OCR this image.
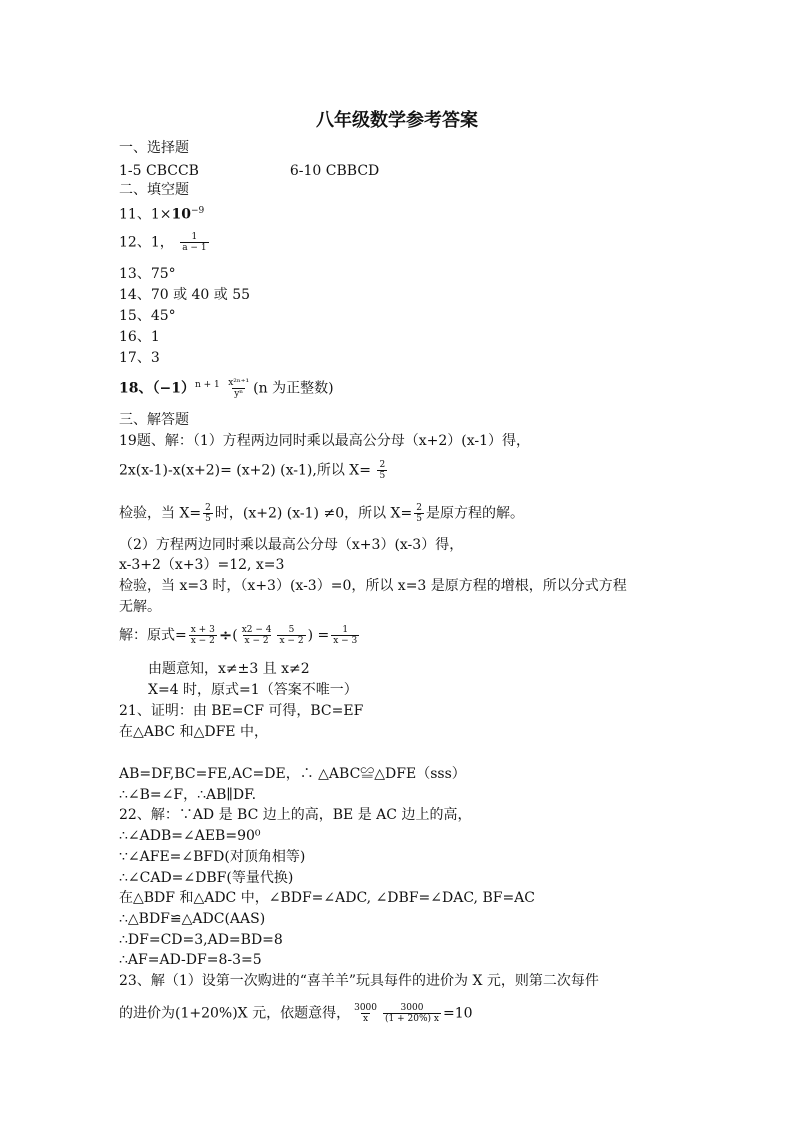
八年级数学参考答案
一、选择题
1-5 CBCCB	6-10 CBBCD
二、填空题
11、$1\times 10^{-9}$
12、1， $\frac{1}{a - 1}$
13、75°
14、70 或 40 或 55
15、45°
16、1
17、3
18、$(-1)^{n + 1} \frac{\text{x²ⁿ⁺¹}}{\text{yⁿ}} (n$ 为正整数)
三、解答题
19题、解：（1）方程两边同时乘以最高公分母（x+2）(x-1）得，
2x(x-1)-x(x+2)= (x+2) (x-1),所以 $X= \frac{2}{5}$
检验，当 $X= \frac{2}{5}$ 时，(x+2) (x-1) ≠0，所以 $X= \frac{2}{5}$ 是原方程的解。
（2）方程两边同时乘以最高公分母（x+3）(x-3）得，
x-3+2（x+3）=12, x=3
检验，当 x=3 时，（x+3）(x-3）=0，所以 x=3 是原方程的增根，所以分式方程
无解。
解：原式= $\frac{x + 3}{x - 2}$ ÷( $\frac{x2 - 4}{x - 2} \frac{5}{x - 2}$ ) = $\frac{1}{x - 3}$
由题意知，x≠±3 且 x≠2
X=4 时，原式=1（答案不唯一）
21、证明：由 BE=CF 可得，BC=EF
在△ABC 和△DFE 中，
AB=DF,BC=FE,AC=DE，∴ △ABC≌△DFE（sss）
∴∠B=∠F，∴AB∥DF.
22、解：∵AD 是 BC 边上的高，BE 是 AC 边上的高，
∴∠ADB=∠AEB=90⁰
∵∠AFE=∠BFD(对顶角相等)
∴∠CAD=∠DBF(等量代换)
在△BDF 和△ADC 中，∠BDF=∠ADC, ∠DBF=∠DAC, BF=AC
∴△BDF≌△ADC(AAS)
∴DF=CD=3,AD=BD=8
∴AF=AD-DF=8-3=5
23、解（1）设第一次购进的“喜羊羊”玩具每件的进价为 X 元，则第二次每件
的进价为(1+20%)X 元，依题意得， $\frac{3000}{x} \frac{3000}{(1 + 20\%) x} =10$
